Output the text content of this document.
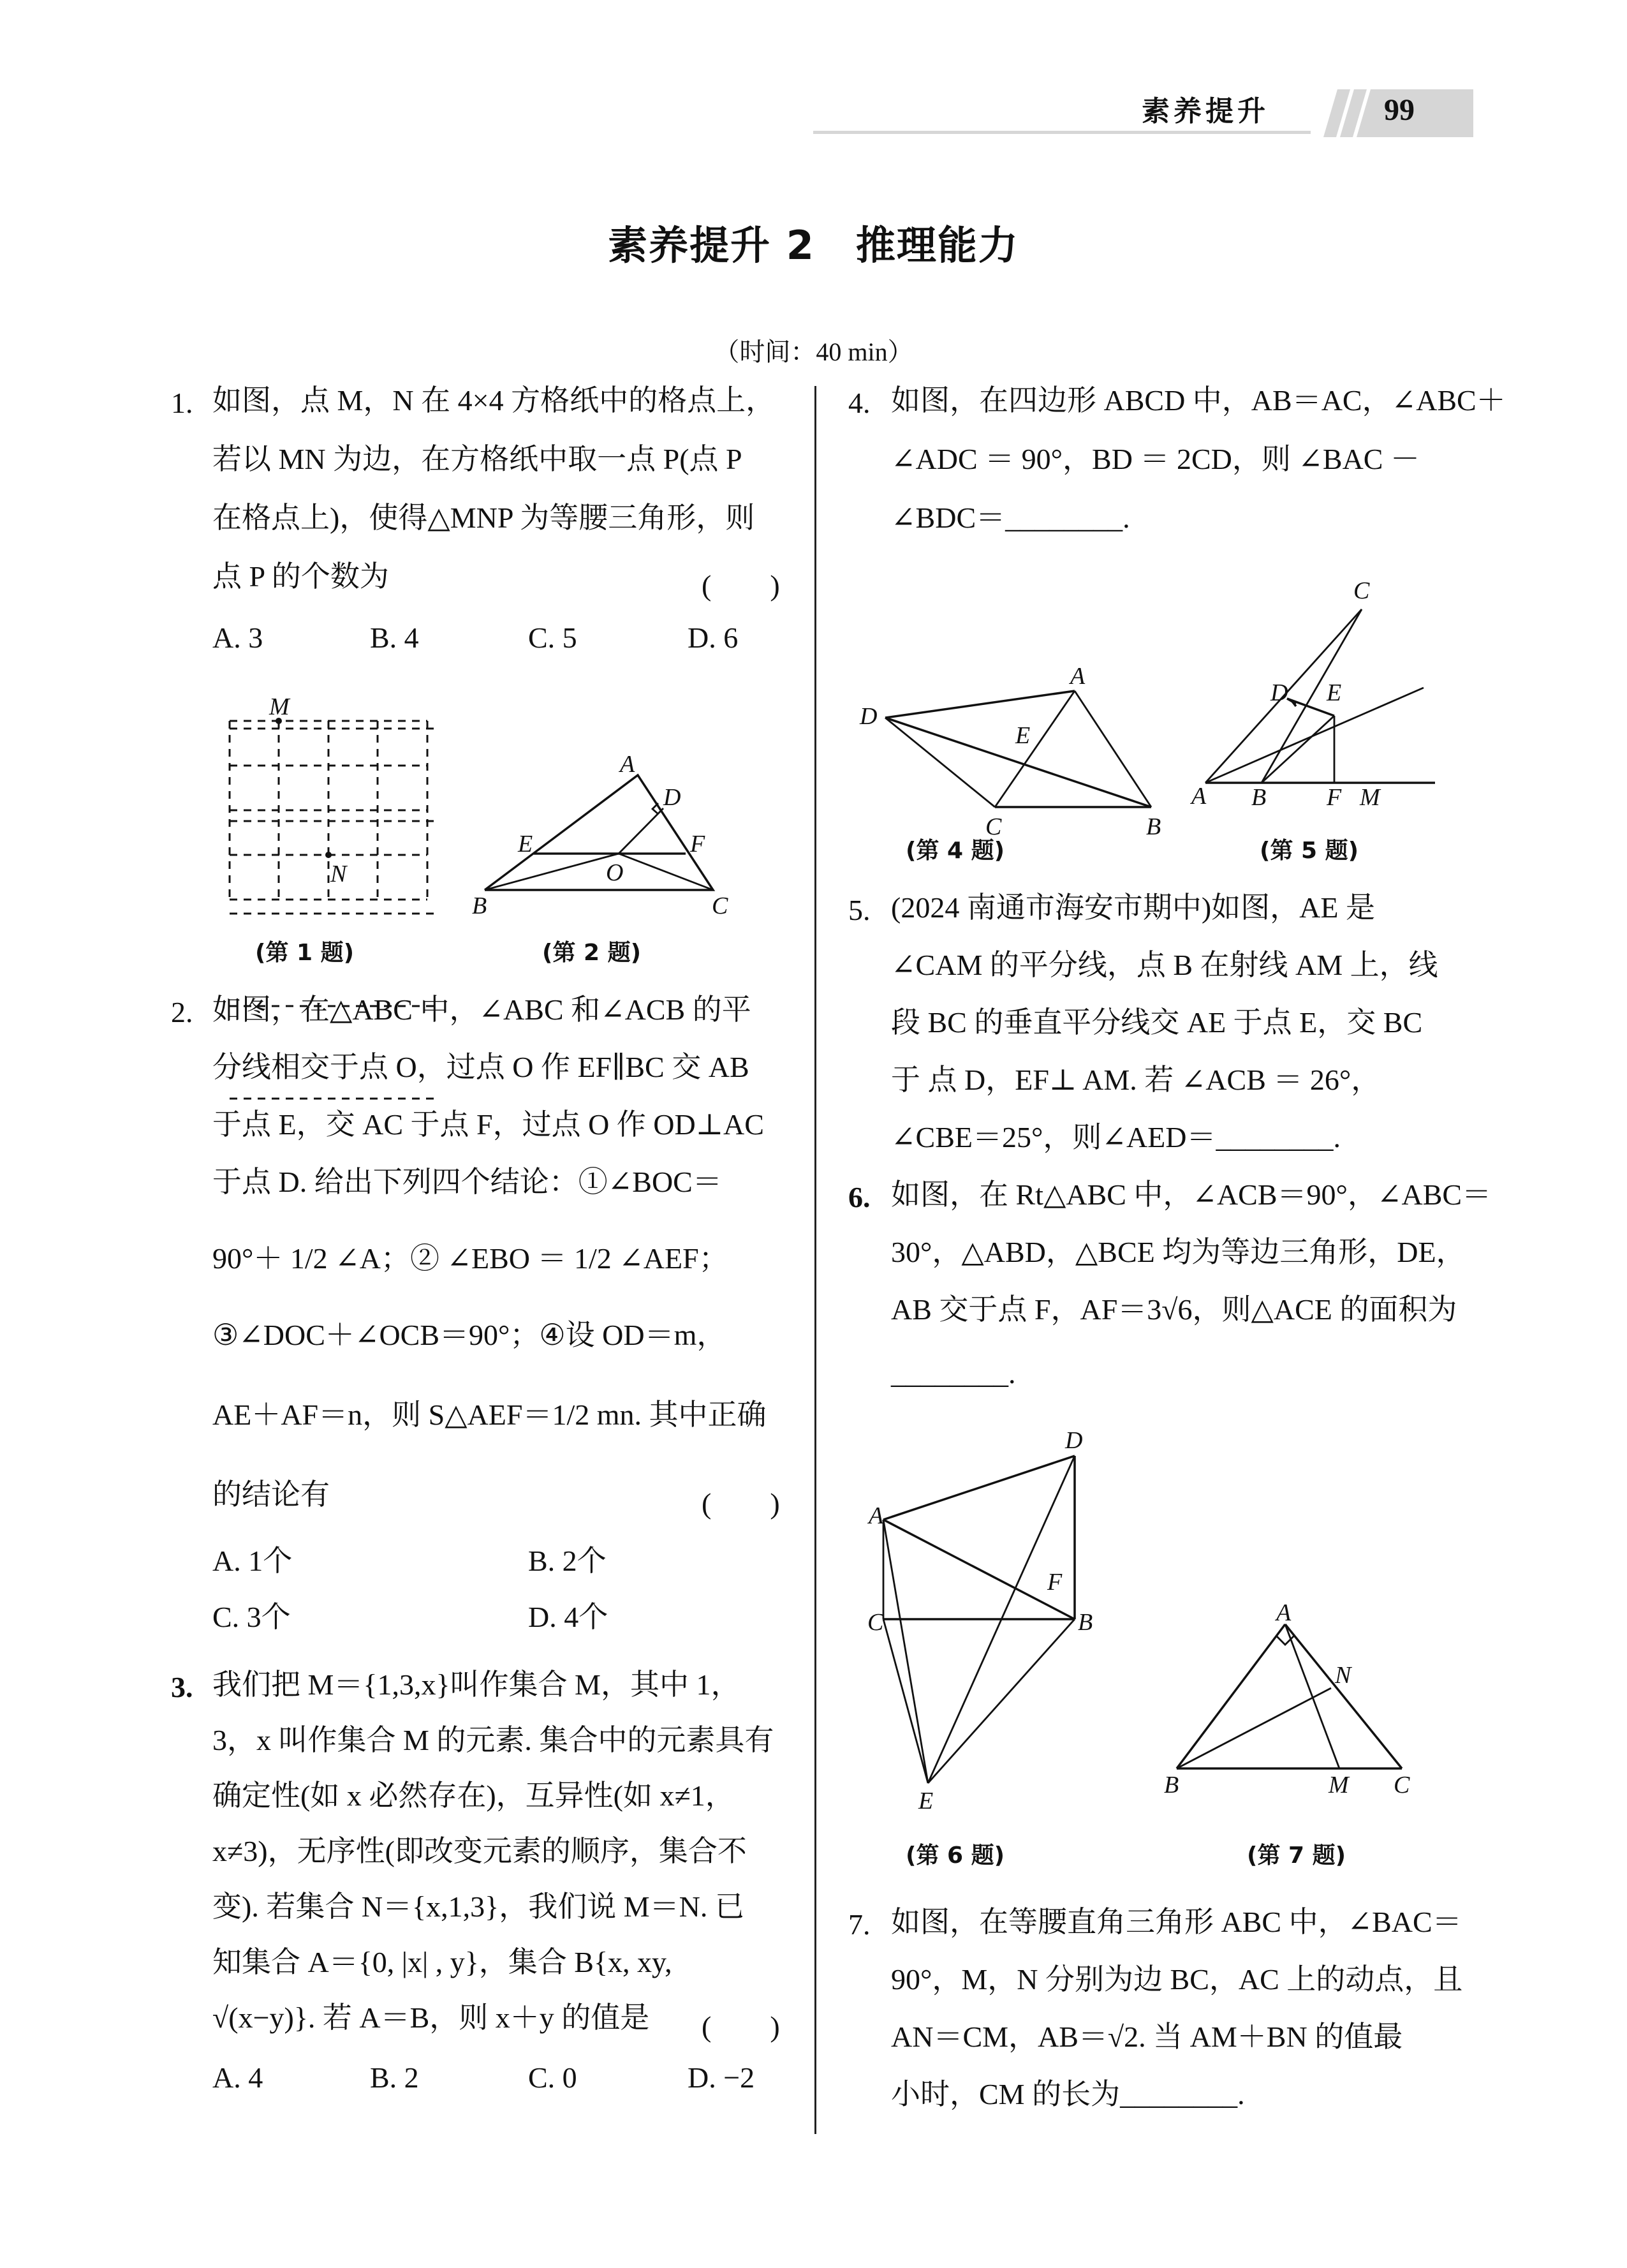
素养提升	99
素养提升 2　推理能力
（时间：40 min）
1. 如图，点 M，N 在 4×4 方格纸中的格点上，
若以 MN 为边，在方格纸中取一点 P(点 P
在格点上)，使得△MNP 为等腰三角形，则
点 P 的个数为	(　　)
A. 3	B. 4	C. 5	D. 6
M
N
(第 1 题)
A
B	C
D
E	F
O
(第 2 题)
2. 如图，在△ABC 中，∠ABC 和∠ACB 的平
分线相交于点 O，过点 O 作 EF∥BC 交 AB
于点 E，交 AC 于点 F，过点 O 作 OD⊥AC
于点 D. 给出下列四个结论：①∠BOC＝
90°＋ 1/2 ∠A；② ∠EBO ＝ 1/2 ∠AEF；
③∠DOC＋∠OCB＝90°；④设 OD＝m，
AE＋AF＝n，则 S△AEF＝1/2 mn. 其中正确
的结论有	(　　)
A. 1个	B. 2个
C. 3个	D. 4个
3. 我们把 M＝{1,3,x}叫作集合 M，其中 1，
3，x 叫作集合 M 的元素. 集合中的元素具有
确定性(如 x 必然存在)，互异性(如 x≠1，
x≠3)，无序性(即改变元素的顺序，集合不
变). 若集合 N＝{x,1,3}，我们说 M＝N. 已
知集合 A＝{0, |x| , y}，集合 B{x, xy,
√(x−y)}. 若 A＝B，则 x＋y 的值是 (　　)
A. 4	B. 2	C. 0	D. −2
4. 如图，在四边形 ABCD 中，AB＝AC，∠ABC＋
∠ADC ＝ 90°，BD ＝ 2CD，则 ∠BAC －
∠BDC＝________.
A
B
C
D
E
(第 4 题)
C
A B
D E
F M
(第 5 题)
5. (2024 南通市海安市期中)如图，AE 是
∠CAM 的平分线，点 B 在射线 AM 上，线
段 BC 的垂直平分线交 AE 于点 E，交 BC
于 点 D，EF⊥ AM. 若 ∠ACB ＝ 26°，
∠CBE＝25°，则∠AED＝________.
6. 如图，在 Rt△ABC 中，∠ACB＝90°，∠ABC＝
30°，△ABD，△BCE 均为等边三角形，DE，
AB 交于点 F，AF＝3√6，则△ACE 的面积为
________.
D
A
C	B
F
E
(第 6 题)
A
B	C
M
N
(第 7 题)
7. 如图，在等腰直角三角形 ABC 中，∠BAC＝
90°，M，N 分别为边 BC，AC 上的动点，且
AN＝CM，AB＝√2. 当 AM＋BN 的值最
小时，CM 的长为________.
